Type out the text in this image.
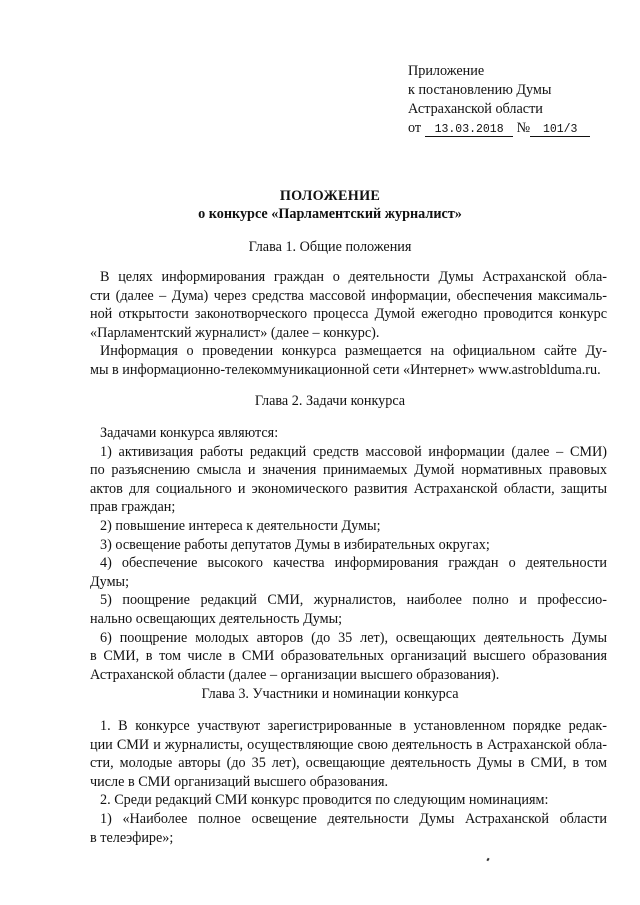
Приложение
к постановлению Думы
Астраханской области
от 13.03.2018 № 101/3
ПОЛОЖЕНИЕ
о конкурсе «Парламентский журналист»
Глава 1. Общие положения
В целях информирования граждан о деятельности Думы Астраханской обла-
сти (далее – Дума) через средства массовой информации, обеспечения максималь-
ной открытости законотворческого процесса Думой ежегодно проводится конкурс
«Парламентский журналист» (далее – конкурс).
Информация о проведении конкурса размещается на официальном сайте Ду-
мы в информационно-телекоммуникационной сети «Интернет» www.astrobldumа.ru.
Глава 2. Задачи конкурса
Задачами конкурса являются:
1) активизация работы редакций средств массовой информации (далее – СМИ)
по разъяснению смысла и значения принимаемых Думой нормативных правовых
актов для социального и экономического развития Астраханской области, защиты
прав граждан;
2) повышение интереса к деятельности Думы;
3) освещение работы депутатов Думы в избирательных округах;
4) обеспечение высокого качества информирования граждан о деятельности
Думы;
5) поощрение редакций СМИ, журналистов, наиболее полно и профессио-
нально освещающих деятельность Думы;
6) поощрение молодых авторов (до 35 лет), освещающих деятельность Думы
в СМИ, в том числе в СМИ образовательных организаций высшего образования
Астраханской области (далее – организации высшего образования).
Глава 3. Участники и номинации конкурса
1. В конкурсе участвуют зарегистрированные в установленном порядке редак-
ции СМИ и журналисты, осуществляющие свою деятельность в Астраханской обла-
сти, молодые авторы (до 35 лет), освещающие деятельность Думы в СМИ, в том
числе в СМИ организаций высшего образования.
2. Среди редакций СМИ конкурс проводится по следующим номинациям:
1) «Наиболее полное освещение деятельности Думы Астраханской области
в телеэфире»;
